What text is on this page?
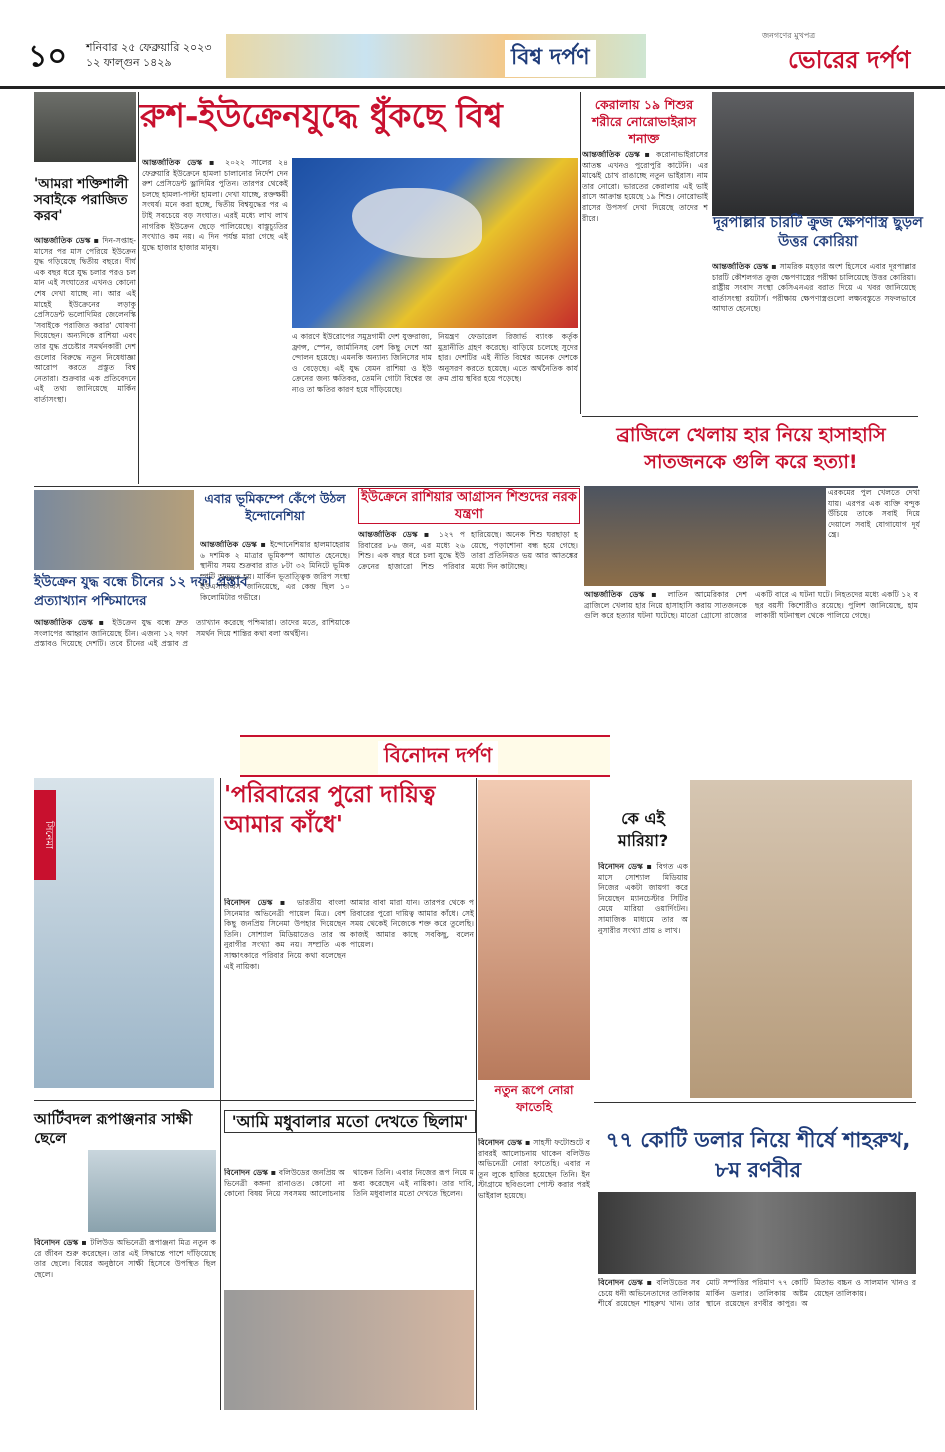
১০ শনিবার ২৫ ফেব্রুয়ারি ২০২৩
১২ ফাল্গুন ১৪২৯	বিশ্ব দর্পণ
জনগণের মুখপত্র
ভোরের দর্পণ
রুশ-ইউক্রেনযুদ্ধে ধুঁকছে বিশ্ব
'আমরা শক্তিশালী সবাইকে পরাজিত করব'
আন্তর্জাতিক ডেস্ক ▪ দিন-সপ্তাহ-মাসের পর মাস পেরিয়ে ইউক্রেন যুদ্ধ গড়িয়েছে দ্বিতীয় বছরে। দীর্ঘ এক বছর ধরে যুদ্ধ চলার পরও চলমান এই সংঘাতের এখনও কোনো শেষ দেখা যাচ্ছে না। আর এই মাহেই ইউক্রেনের লড়াকু প্রেসিডেন্ট ভলোদিমির জেলেনস্কি 'সবাইকে পরাজিত করার' ঘোষণা দিয়েছেন। অন্যদিকে রাশিয়া এবং তার যুদ্ধ প্রচেষ্টার সমর্থনকারী দেশগুলোর বিরুদ্ধে নতুন নিষেধাজ্ঞা আরোপ করতে প্রস্তুত বিশ্ব নেতারা। শুক্রবার এক প্রতিবেদনে এই তথ্য জানিয়েছে মার্কিন বার্তাসংস্থা।
আন্তর্জাতিক ডেস্ক ▪ ২০২২ সালের ২৪ ফেব্রুয়ারি ইউক্রেনে হামলা চালানোর নির্দেশ দেন রুশ প্রেসিডেন্ট ভ্লাদিমির পুতিন। তারপর থেকেই চলছে হামলা-পাল্টা হামলা। দেখা যাচ্ছে, রক্তক্ষয়ী সংঘর্ষ। মনে করা হচ্ছে, দ্বিতীয় বিশ্বযুদ্ধের পর এটাই সবচেয়ে বড় সংঘাত। এরই মধ্যে লাখ লাখ নাগরিক ইউক্রেন ছেড়ে পালিয়েছে। বাস্তুচ্যুতির সংখ্যাও কম নয়। এ দিন পর্যন্ত মারা গেছে এই যুদ্ধে হাজার হাজার মানুষ।
এ কারণে ইউরোপের সমুদ্রগামী দেশ যুক্তরাজ্য, ফ্রান্স, স্পেন, জার্মানিসহ বেশ কিছু দেশে আন্দোলন হয়েছে। এমনকি অন্যান্য জিনিসের দামও বেড়েছে। এই যুদ্ধ যেমন রাশিয়া ও ইউক্রেনের জন্য ক্ষতিকর, তেমনি গোটা বিশ্বের জন্যও তা ক্ষতির কারণ হয়ে দাঁড়িয়েছে।
নিয়ন্ত্রণ ফেডারেল রিজার্ভ ব্যাংক কর্তৃক মুদ্রানীতি গ্রহণ করেছে। বাড়িয়ে চলেছে সুদের হার। দেশটির এই নীতি বিশ্বের অনেক দেশকে অনুসরণ করতে হয়েছে। এতে অর্থনৈতিক কার্যক্রম প্রায় স্থবির হয়ে পড়েছে।
কেরালায় ১৯ শিশুর শরীরে নোরোভাইরাস শনাক্ত
আন্তর্জাতিক ডেস্ক ▪ করোনাভাইরাসের আতঙ্ক এখনও পুরোপুরি কাটেনি। এর মাঝেই চোখ রাঙাচ্ছে নতুন ভাইরাস। নাম তার নোরো। ভারতের কেরালায় এই ভাইরাসে আক্রান্ত হয়েছে ১৯ শিশু। নোরোভাইরাসের উপসর্গ দেখা দিয়েছে তাদের শরীরে।	দূরপাল্লার চারটি ক্রুজ ক্ষেপণাস্ত্র ছুড়ল উত্তর কোরিয়া
আন্তর্জাতিক ডেস্ক ▪ সামরিক মহড়ার অংশ হিসেবে এবার দূরপাল্লার চারটি কৌশলগত ক্রুজ ক্ষেপণাস্ত্রের পরীক্ষা চালিয়েছে উত্তর কোরিয়া। রাষ্ট্রীয় সংবাদ সংস্থা কেসিএনএর বরাত দিয়ে এ খবর জানিয়েছে বার্তাসংস্থা রয়টার্স। পরীক্ষায় ক্ষেপণাস্ত্রগুলো লক্ষ্যবস্তুতে সফলভাবে আঘাত হেনেছে।
ব্রাজিলে খেলায় হার নিয়ে হাসাহাসি সাতজনকে গুলি করে হত্যা!
এরকমের পুল খেলতে দেখা যায়। এরপর এক ব্যক্তি বন্দুক উঁচিয়ে তাকে সবাই দিয়ে দেয়ালে সবাই যোগাযোগ দূর্যন্ত্রে।
আন্তর্জাতিক ডেস্ক ▪ লাতিন আমেরিকার দেশ ব্রাজিলে খেলায় হার নিয়ে হাসাহাসি করায় সাতজনকে গুলি করে হত্যার ঘটনা ঘটেছে। মাতো গ্রোসো রাজ্যের একটি বারে এ ঘটনা ঘটে। নিহতদের মধ্যে একটি ১২ বছর বয়সী কিশোরীও রয়েছে। পুলিশ জানিয়েছে, হামলাকারী ঘটনাস্থল থেকে পালিয়ে গেছে।
ইউক্রেন যুদ্ধ বন্ধে চীনের ১২ দফা প্রস্তাব প্রত্যাখ্যান পশ্চিমাদের
আন্তর্জাতিক ডেস্ক ▪ ইউক্রেন যুদ্ধ বন্ধে দ্রুত সংলাপের আহ্বান জানিয়েছে চীন। এজন্য ১২ দফা প্রস্তাবও দিয়েছে দেশটি। তবে চীনের এই প্রস্তাব প্রত্যাখ্যান করেছে পশ্চিমারা। তাদের মতে, রাশিয়াকে সমর্থন দিয়ে শান্তির কথা বলা অর্থহীন।
এবার ভূমিকম্পে কেঁপে উঠল ইন্দোনেশিয়া
আন্তর্জাতিক ডেস্ক ▪ ইন্দোনেশিয়ার হালমাহেরায় ৬ দশমিক ২ মাত্রার ভূমিকম্প আঘাত হেনেছে। স্থানীয় সময় শুক্রবার রাত ৮টা ৩২ মিনিটে ভূমিকম্পটি অনুভূত হয়। মার্কিন ভূতাত্ত্বিক জরিপ সংস্থা ইউএসজিএস জানিয়েছে, এর কেন্দ্র ছিল ১০ কিলোমিটার গভীরে।
ইউক্রেনে রাশিয়ার আগ্রাসন শিশুদের নরক যন্ত্রণা
আন্তর্জাতিক ডেস্ক ▪ ১২৭ পরিবারের ৮৬ জন, এর মধ্যে ২৬ শিশু। এক বছর ধরে চলা যুদ্ধে ইউক্রেনের হাজারো শিশু পরিবার হারিয়েছে। অনেক শিশু ঘরছাড়া হয়েছে, পড়াশোনা বন্ধ হয়ে গেছে। তারা প্রতিনিয়ত ভয় আর আতঙ্কের মধ্যে দিন কাটাচ্ছে।
বিনোদন দর্পণ
সিনেমা
'পরিবারের পুরো দায়িত্ব আমার কাঁধে'
বিনোদন ডেস্ক ▪ ভারতীয় বাংলা সিনেমার অভিনেত্রী পায়েল মিত্র। বেশ কিছু জনপ্রিয় সিনেমা উপহার দিয়েছেন তিনি। সোশ্যাল মিডিয়াতেও তার অনুরাগীর সংখ্যা কম নয়। সম্প্রতি এক সাক্ষাৎকারে পরিবার নিয়ে কথা বলেছেন এই নায়িকা।
আমার বাবা মারা যান। তারপর থেকে পরিবারের পুরো দায়িত্ব আমার কাঁধে। সেই সময় থেকেই নিজেকে শক্ত করে তুলেছি। কাজই আমার কাছে সবকিছু, বলেন পায়েল।
নতুন রূপে নোরা ফাতেহি
বিনোদন ডেস্ক ▪ সাহসী ফটোশুটে বরাবরই আলোচনায় থাকেন বলিউড অভিনেত্রী নোরা ফাতেহি। এবার নতুন লুকে হাজির হয়েছেন তিনি। ইনস্টাগ্রামে ছবিগুলো পোস্ট করার পরই ভাইরাল হয়েছে।
কে এই মারিয়া?
বিনোদন ডেস্ক ▪ বিগত এক মাসে সোশ্যাল মিডিয়ায় নিজের একটা জায়গা করে নিয়েছেন ম্যানচেস্টার সিটির মেয়ে মারিয়া ওয়ার্দিংটন। সামাজিক মাধ্যমে তার অনুসারীর সংখ্যা প্রায় ৪ লাখ।
আর্টিবদল রূপাঞ্জনার সাক্ষী ছেলে
বিনোদন ডেস্ক ▪ টলিউড অভিনেত্রী রূপাঞ্জনা মিত্র নতুন করে জীবন শুরু করেছেন। তার এই সিদ্ধান্তে পাশে দাঁড়িয়েছে তার ছেলে। বিয়ের অনুষ্ঠানে সাক্ষী হিসেবে উপস্থিত ছিল ছেলে।
'আমি মধুবালার মতো দেখতে ছিলাম'
বিনোদন ডেস্ক ▪ বলিউডের জনপ্রিয় অভিনেত্রী কঙ্গনা রানাওত। কোনো না কোনো বিষয় নিয়ে সবসময় আলোচনায় থাকেন তিনি। এবার নিজের রূপ নিয়ে মন্তব্য করেছেন এই নায়িকা। তার দাবি, তিনি মধুবালার মতো দেখতে ছিলেন।
৭৭ কোটি ডলার নিয়ে শীর্ষে শাহরুখ, ৮ম রণবীর
বিনোদন ডেস্ক ▪ বলিউডের সবচেয়ে ধনী অভিনেতাদের তালিকায় শীর্ষে রয়েছেন শাহরুখ খান। তার মোট সম্পত্তির পরিমাণ ৭৭ কোটি মার্কিন ডলার। তালিকায় অষ্টম স্থানে রয়েছেন রণবীর কাপুর। অমিতাভ বচ্চন ও সালমান খানও রয়েছেন তালিকায়।
